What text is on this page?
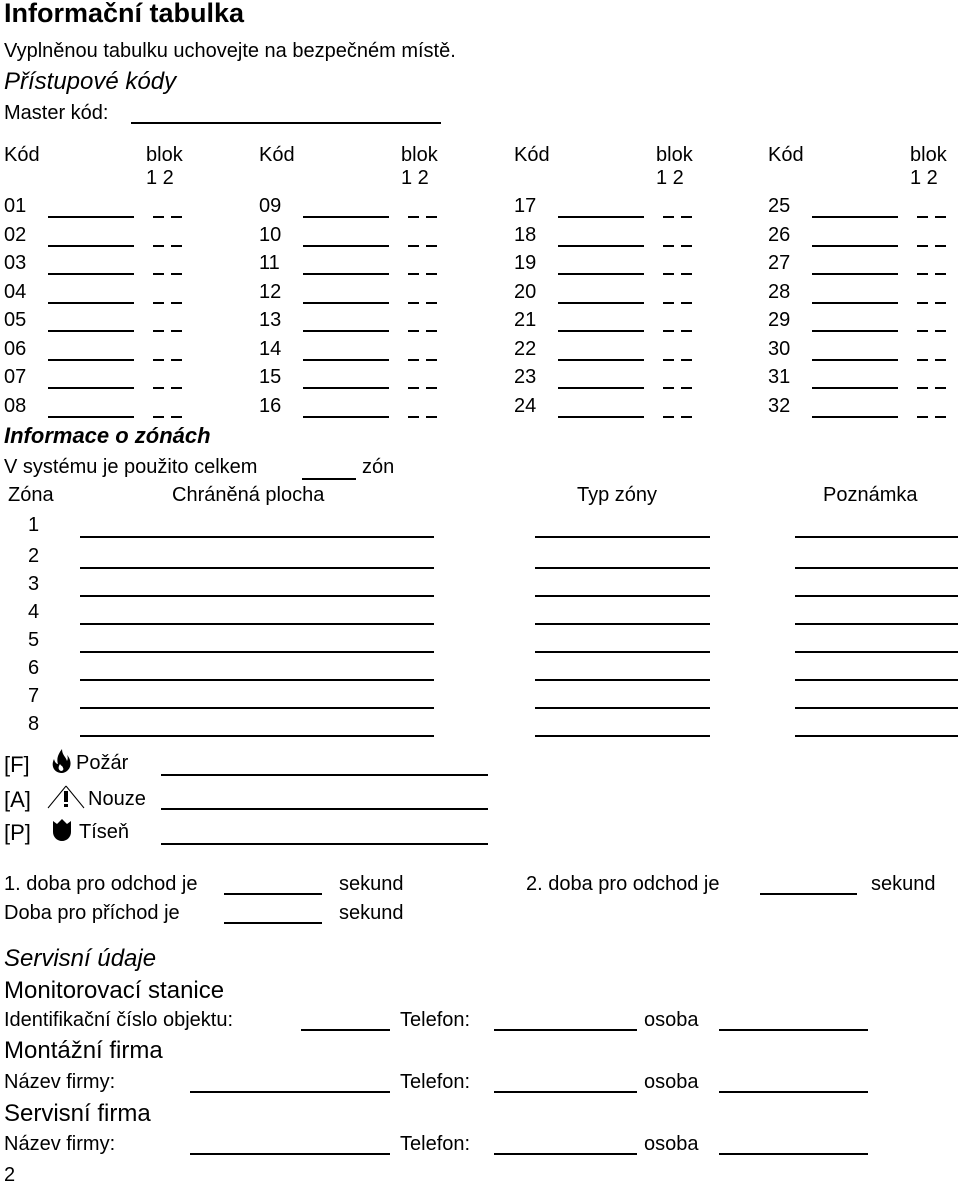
Informační tabulka
Vyplněnou tabulku uchovejte na bezpečném místě.
Přístupové kódy
Master kód:
Kód	blok
1 2
01
02
03
04
05
06
07
08
Kód	blok
1 2
09
10
11
12
13
14
15
16
Kód	blok
1 2
17
18
19
20
21
22
23
24
Kód	blok
1 2
25
26
27
28
29
30
31
32
Informace o zónách
V systému je použito celkem	zón
Zóna	Chráněná plocha	Typ zóny	Poznámka
1
2
3
4
5
6
7
8
[F] Požár
[A]	Nouze
[P] Tíseň
1. doba pro odchod je	sekund	2. doba pro odchod je	sekund
Doba pro příchod je	sekund
Servisní údaje
Monitorovací stanice
Identifikační číslo objektu:	Telefon:	osoba
Montážní firma
Název firmy:	Telefon:	osoba
Servisní firma
Název firmy:	Telefon:	osoba
2
